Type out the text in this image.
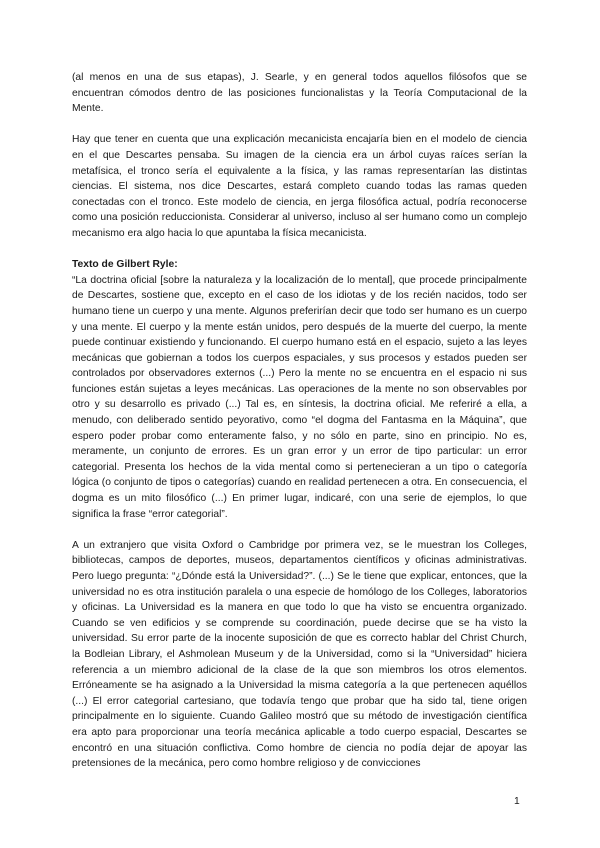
(al menos en una de sus etapas), J. Searle, y en general todos aquellos filósofos que se encuentran cómodos dentro de las posiciones funcionalistas y la Teoría Computacional de la Mente.

Hay que tener en cuenta que una explicación mecanicista encajaría bien en el modelo de ciencia en el que Descartes pensaba. Su imagen de la ciencia era un árbol cuyas raíces serían la metafísica, el tronco sería el equivalente a la física, y las ramas representarían las distintas ciencias. El sistema, nos dice Descartes, estará completo cuando todas las ramas queden conectadas con el tronco. Este modelo de ciencia, en jerga filosófica actual, podría reconocerse como una posición reduccionista. Considerar al universo, incluso al ser humano como un complejo mecanismo era algo hacia lo que apuntaba la física mecanicista.

Texto de Gilbert Ryle:

“La doctrina oficial [sobre la naturaleza y la localización de lo mental], que procede principalmente de Descartes, sostiene que, excepto en el caso de los idiotas y de los recién nacidos, todo ser humano tiene un cuerpo y una mente. Algunos preferirían decir que todo ser humano es un cuerpo y una mente. El cuerpo y la mente están unidos, pero después de la muerte del cuerpo, la mente puede continuar existiendo y funcionando. El cuerpo humano está en el espacio, sujeto a las leyes mecánicas que gobiernan a todos los cuerpos espaciales, y sus procesos y estados pueden ser controlados por observadores externos (...) Pero la mente no se encuentra en el espacio ni sus funciones están sujetas a leyes mecánicas. Las operaciones de la mente no son observables por otro y su desarrollo es privado (...) Tal es, en síntesis, la doctrina oficial. Me referiré a ella, a menudo, con deliberado sentido peyorativo, como “el dogma del Fantasma en la Máquina”, que espero poder probar como enteramente falso, y no sólo en parte, sino en principio. No es, meramente, un conjunto de errores. Es un gran error y un error de tipo particular: un error categorial. Presenta los hechos de la vida mental como si pertenecieran a un tipo o categoría lógica (o conjunto de tipos o categorías) cuando en realidad pertenecen a otra. En consecuencia, el dogma es un mito filosófico (...) En primer lugar, indicaré, con una serie de ejemplos, lo que significa la frase “error categorial”.

A un extranjero que visita Oxford o Cambridge por primera vez, se le muestran los Colleges, bibliotecas, campos de deportes, museos, departamentos científicos y oficinas administrativas. Pero luego pregunta: “¿Dónde está la Universidad?”. (...) Se le tiene que explicar, entonces, que la universidad no es otra institución paralela o una especie de homólogo de los Colleges, laboratorios y oficinas. La Universidad es la manera en que todo lo que ha visto se encuentra organizado. Cuando se ven edificios y se comprende su coordinación, puede decirse que se ha visto la universidad. Su error parte de la inocente suposición de que es correcto hablar del Christ Church, la Bodleian Library, el Ashmolean Museum y de la Universidad, como si la “Universidad” hiciera referencia a un miembro adicional de la clase de la que son miembros los otros elementos. Erróneamente se ha asignado a la Universidad la misma categoría a la que pertenecen aquéllos (...) El error categorial cartesiano, que todavía tengo que probar que ha sido tal, tiene origen principalmente en lo siguiente. Cuando Galileo mostró que su método de investigación científica era apto para proporcionar una teoría mecánica aplicable a todo cuerpo espacial, Descartes se encontró en una situación conflictiva. Como hombre de ciencia no podía dejar de apoyar las pretensiones de la mecánica, pero como hombre religioso y de convicciones

1
